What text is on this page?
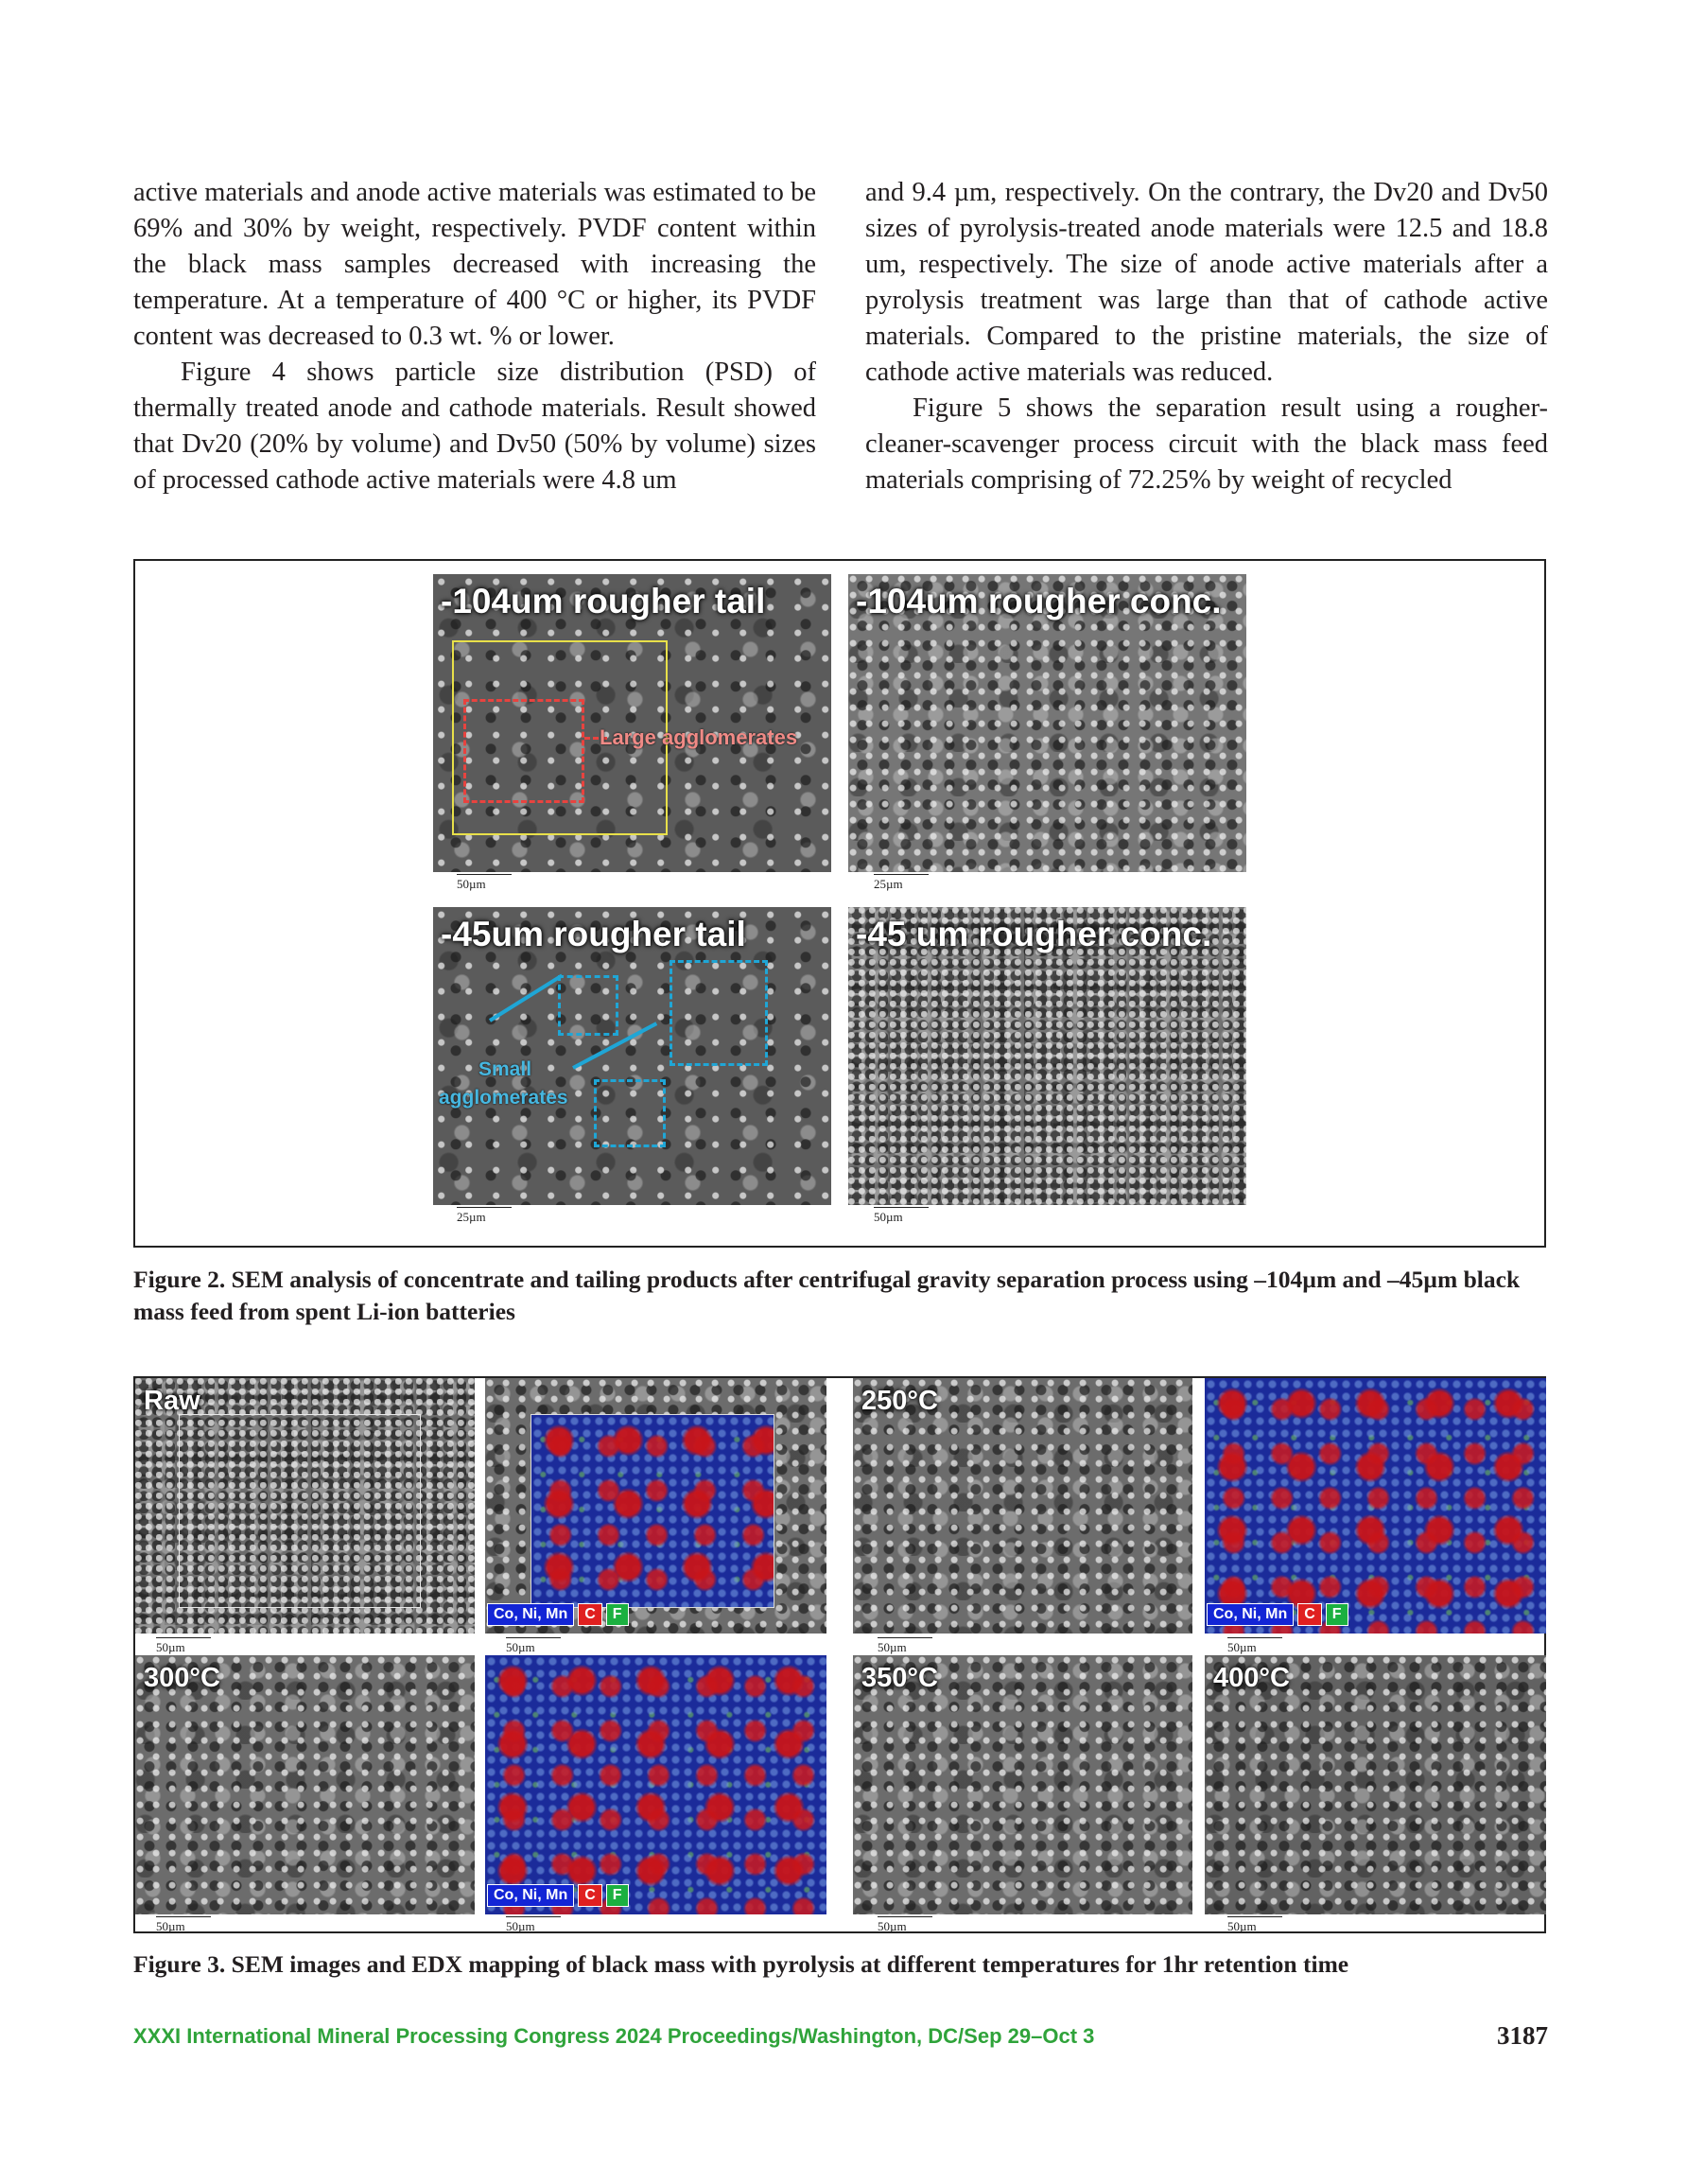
active materials and anode active materials was estimated to be 69% and 30% by weight, respectively. PVDF content within the black mass samples decreased with increasing the temperature. At a temperature of 400 °C or higher, its PVDF content was decreased to 0.3 wt. % or lower.

Figure 4 shows particle size distribution (PSD) of thermally treated anode and cathode materials. Result showed that Dv20 (20% by volume) and Dv50 (50% by volume) sizes of processed cathode active materials were 4.8 um

and 9.4 µm, respectively. On the contrary, the Dv20 and Dv50 sizes of pyrolysis-treated anode materials were 12.5 and 18.8 um, respectively. The size of anode active materials after a pyrolysis treatment was large than that of cathode active materials. Compared to the pristine materials, the size of cathode active materials was reduced.

Figure 5 shows the separation result using a rougher-cleaner-scavenger process circuit with the black mass feed materials comprising of 72.25% by weight of recycled

-104um rougher tail
Large agglomerates
50µm
-104um rougher conc.
25µm
-45um rougher tail
Small
agglomerates
25µm
-45 um rougher conc.
50µm
Figure 2. SEM analysis of concentrate and tailing products after centrifugal gravity separation process using –104µm and –45µm black mass feed from spent Li-ion batteries
Raw
50µm
Co, Ni, Mn	C	F
50µm
250°C
50µm
Co, Ni, Mn	C	F
50µm
300°C
50µm
Co, Ni, Mn	C	F
50µm
350°C
50µm
400°C
50µm
Figure 3. SEM images and EDX mapping of black mass with pyrolysis at different temperatures for 1hr retention time
XXXI International Mineral Processing Congress 2024 Proceedings/Washington, DC/Sep 29–Oct 3	3187
